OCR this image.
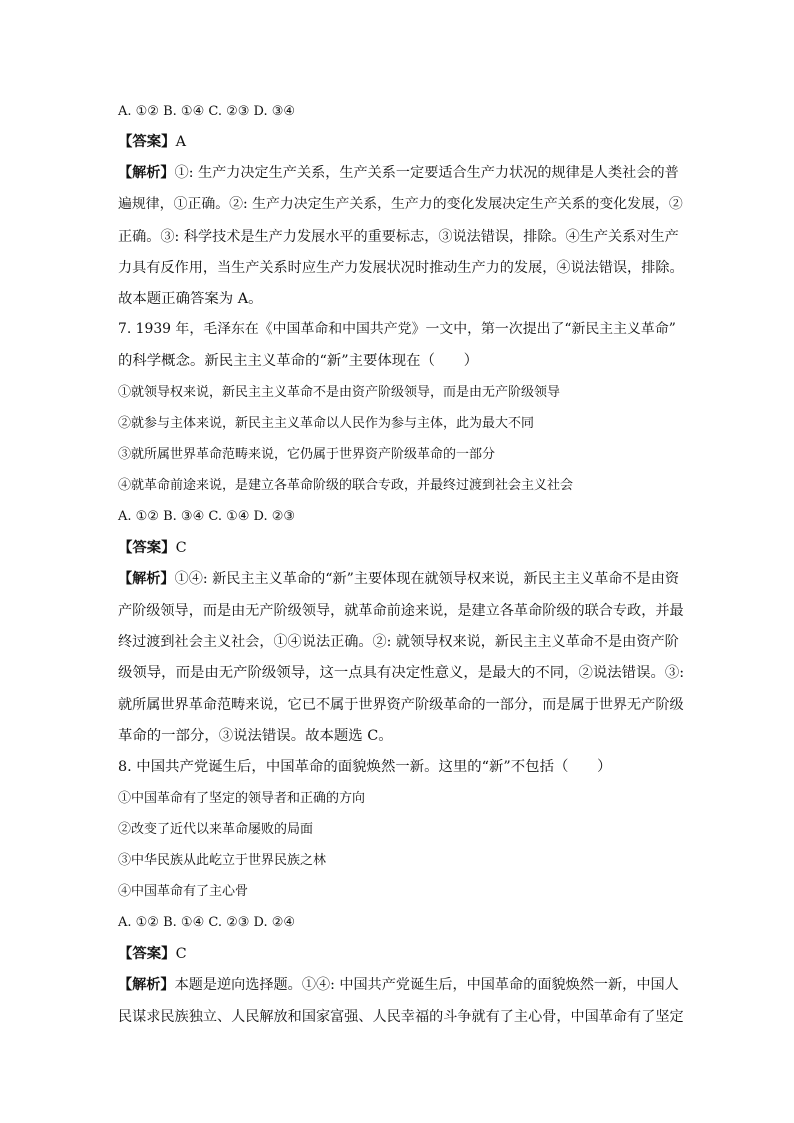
A. ①② B. ①④ C. ②③ D. ③④
【答案】A
【解析】①: 生产力决定生产关系，生产关系一定要适合生产力状况的规律是人类社会的普
遍规律，①正确。②: 生产力决定生产关系，生产力的变化发展决定生产关系的变化发展，②
正确。③: 科学技术是生产力发展水平的重要标志，③说法错误，排除。④生产关系对生产
力具有反作用，当生产关系时应生产力发展状况时推动生产力的发展，④说法错误，排除。
故本题正确答案为 A。
7. 1939 年，毛泽东在《中国革命和中国共产党》一文中，第一次提出了“新民主主义革命”
的科学概念。新民主主义革命的“新”主要体现在（　　）
①就领导权来说，新民主主义革命不是由资产阶级领导，而是由无产阶级领导
②就参与主体来说，新民主主义革命以人民作为参与主体，此为最大不同
③就所属世界革命范畴来说，它仍属于世界资产阶级革命的一部分
④就革命前途来说，是建立各革命阶级的联合专政，并最终过渡到社会主义社会
A. ①② B. ③④ C. ①④ D. ②③
【答案】C
【解析】①④: 新民主主义革命的“新”主要体现在就领导权来说，新民主主义革命不是由资
产阶级领导，而是由无产阶级领导，就革命前途来说，是建立各革命阶级的联合专政，并最
终过渡到社会主义社会，①④说法正确。②: 就领导权来说，新民主主义革命不是由资产阶
级领导，而是由无产阶级领导，这一点具有决定性意义，是最大的不同，②说法错误。③:
就所属世界革命范畴来说，它已不属于世界资产阶级革命的一部分，而是属于世界无产阶级
革命的一部分，③说法错误。故本题选 C。
8. 中国共产党诞生后，中国革命的面貌焕然一新。这里的“新”不包括（　　）
①中国革命有了坚定的领导者和正确的方向
②改变了近代以来革命屡败的局面
③中华民族从此屹立于世界民族之林
④中国革命有了主心骨
A. ①② B. ①④ C. ②③ D. ②④
【答案】C
【解析】本题是逆向选择题。①④: 中国共产党诞生后，中国革命的面貌焕然一新，中国人
民谋求民族独立、人民解放和国家富强、人民幸福的斗争就有了主心骨，中国革命有了坚定
